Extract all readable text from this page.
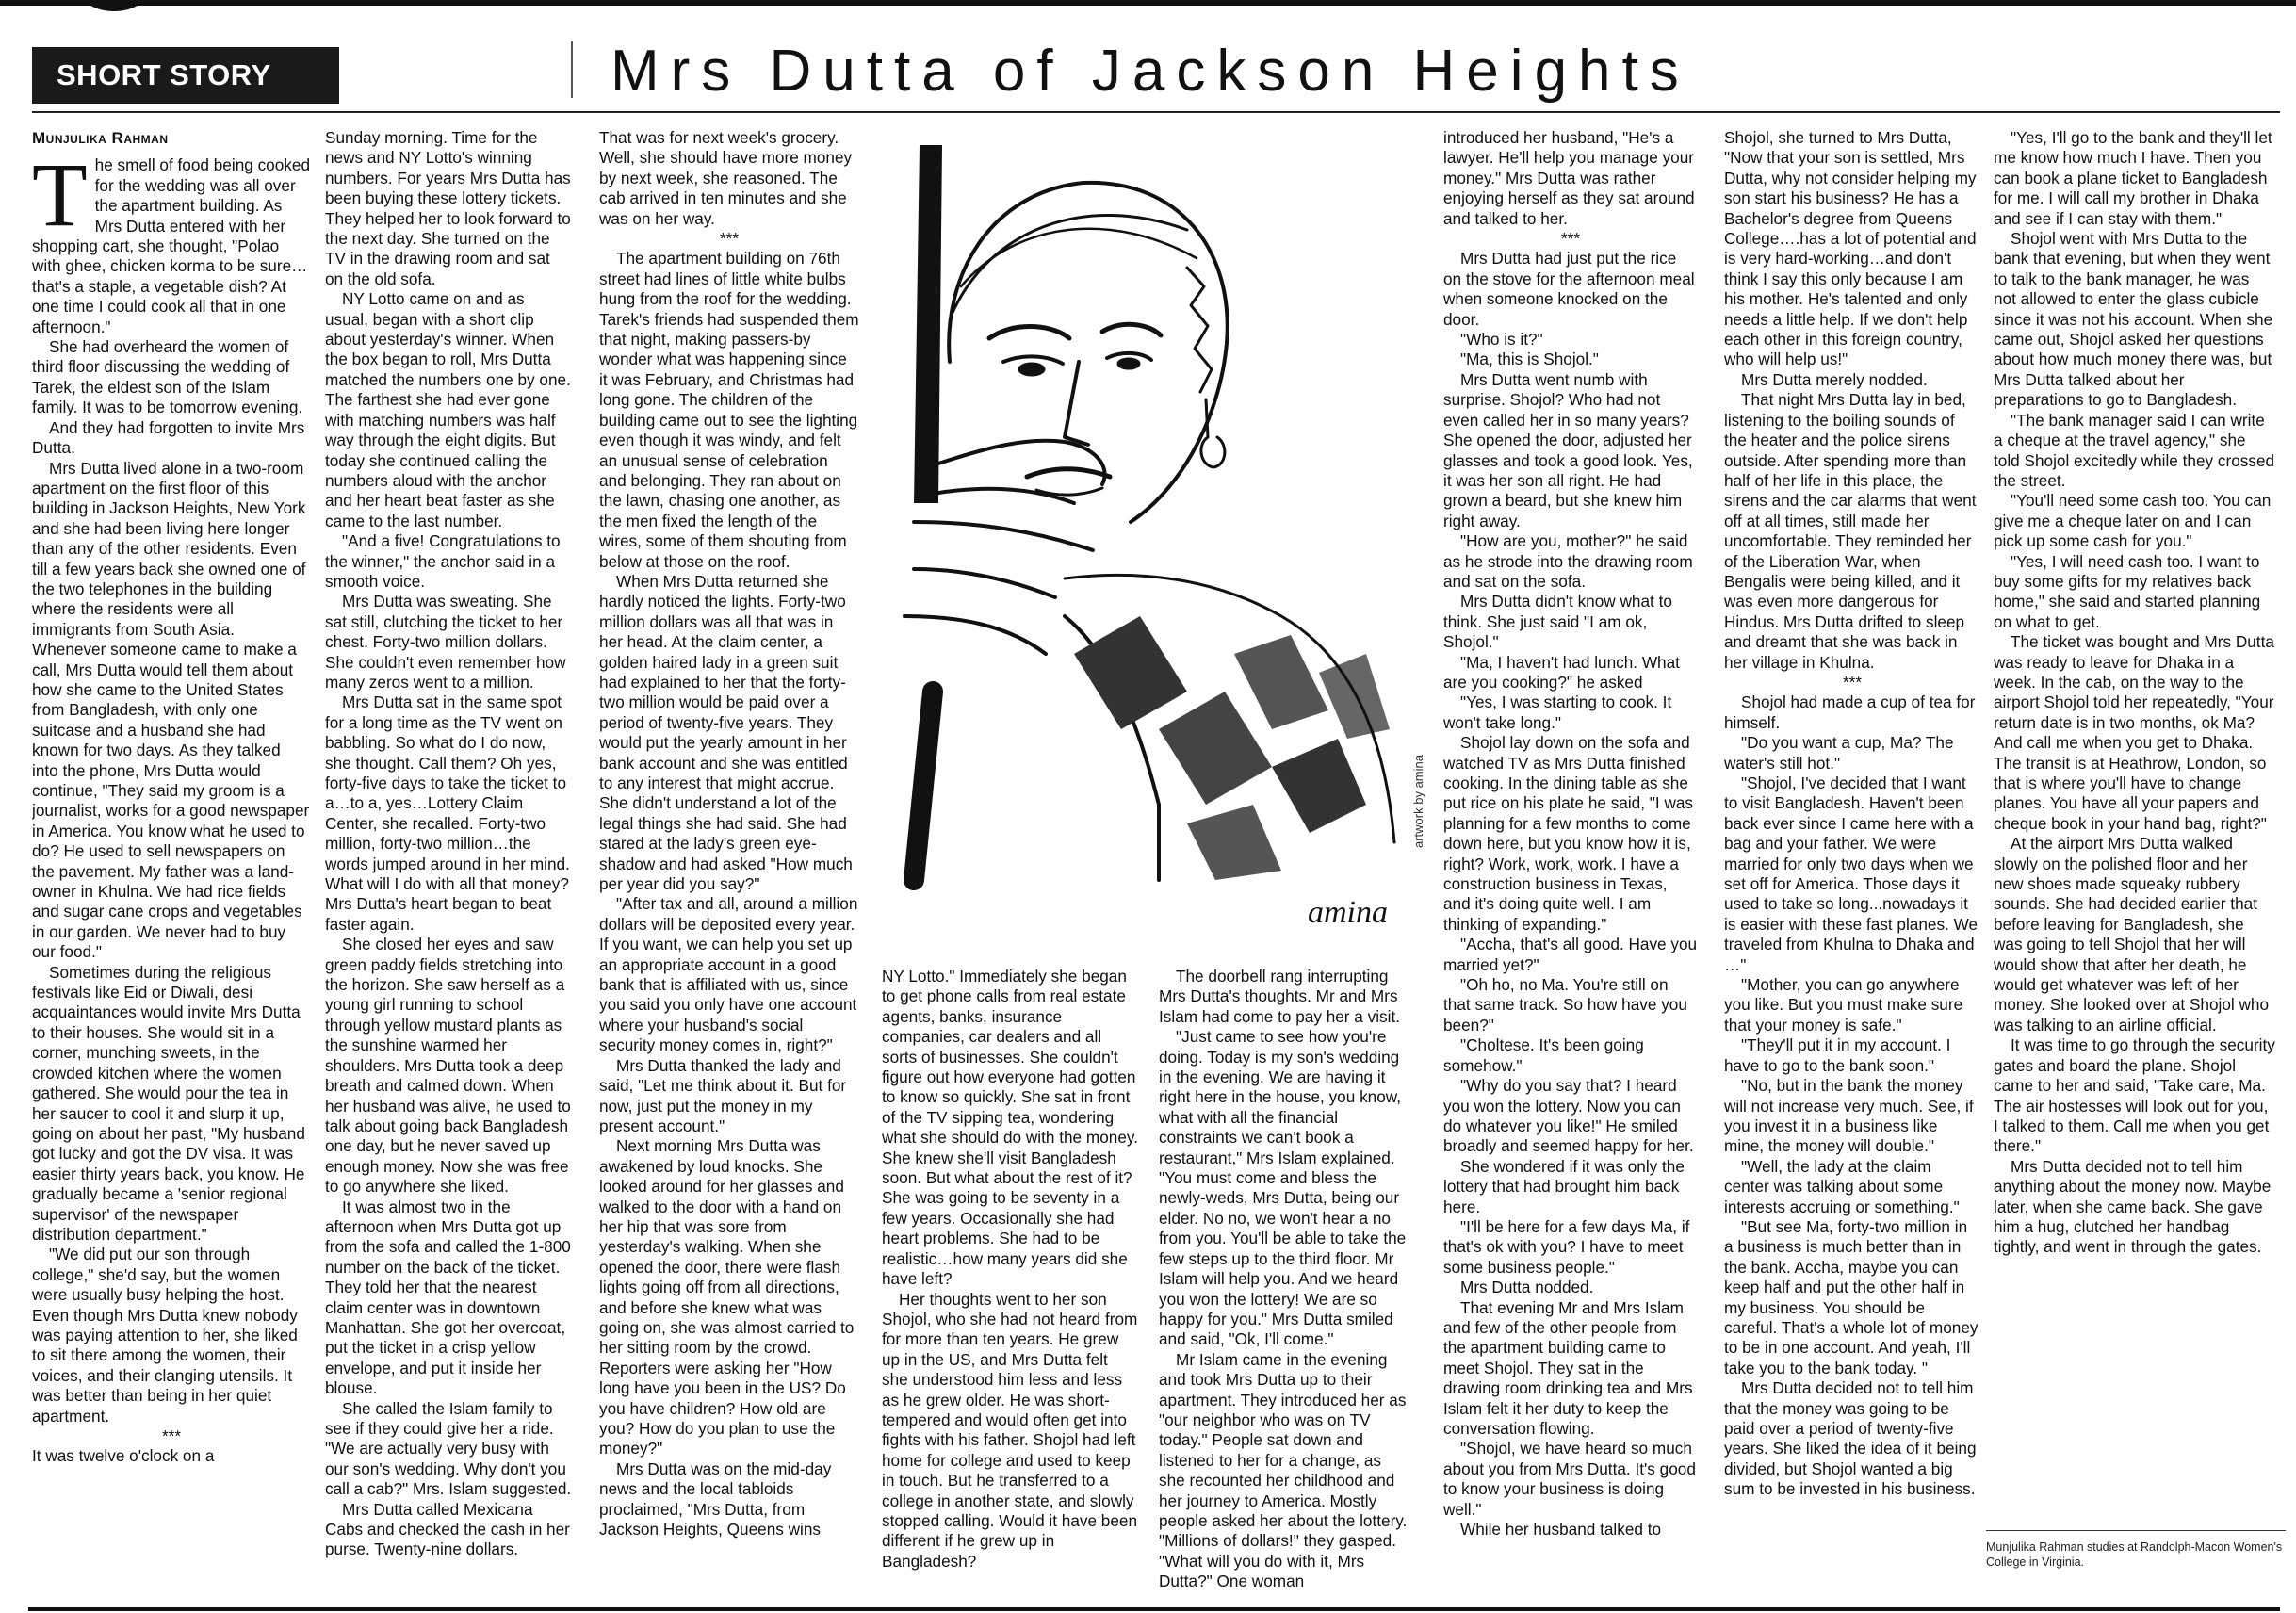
SHORT STORY	Mrs Dutta of Jackson Heights

Munjulika Rahman

The smell of food being cooked for the wedding was all over the apartment building. As Mrs Dutta entered with her shopping cart, she thought, "Polao with ghee, chicken korma to be sure…that's a staple, a vegetable dish? At one time I could cook all that in one afternoon."

She had overheard the women of third floor discussing the wedding of Tarek, the eldest son of the Islam family. It was to be tomorrow evening.

And they had forgotten to invite Mrs Dutta.

Mrs Dutta lived alone in a two-room apartment on the first floor of this building in Jackson Heights, New York and she had been living here longer than any of the other residents. Even till a few years back she owned one of the two telephones in the building where the residents were all immigrants from South Asia. Whenever someone came to make a call, Mrs Dutta would tell them about how she came to the United States from Bangladesh, with only one suitcase and a husband she had known for two days. As they talked into the phone, Mrs Dutta would continue, "They said my groom is a journalist, works for a good newspaper in America. You know what he used to do? He used to sell newspapers on the pavement. My father was a land-owner in Khulna. We had rice fields and sugar cane crops and vegetables in our garden. We never had to buy our food."

Sometimes during the religious festivals like Eid or Diwali, desi acquaintances would invite Mrs Dutta to their houses. She would sit in a corner, munching sweets, in the crowded kitchen where the women gathered. She would pour the tea in her saucer to cool it and slurp it up, going on about her past, "My husband got lucky and got the DV visa. It was easier thirty years back, you know. He gradually became a 'senior regional supervisor' of the newspaper distribution department."

"We did put our son through college," she'd say, but the women were usually busy helping the host. Even though Mrs Dutta knew nobody was paying attention to her, she liked to sit there among the women, their voices, and their clanging utensils. It was better than being in her quiet apartment.

***

It was twelve o'clock on a

Sunday morning. Time for the news and NY Lotto's winning numbers. For years Mrs Dutta has been buying these lottery tickets. They helped her to look forward to the next day. She turned on the TV in the drawing room and sat on the old sofa.

NY Lotto came on and as usual, began with a short clip about yesterday's winner. When the box began to roll, Mrs Dutta matched the numbers one by one. The farthest she had ever gone with matching numbers was half way through the eight digits. But today she continued calling the numbers aloud with the anchor and her heart beat faster as she came to the last number.

"And a five! Congratulations to the winner," the anchor said in a smooth voice.

Mrs Dutta was sweating. She sat still, clutching the ticket to her chest. Forty-two million dollars. She couldn't even remember how many zeros went to a million.

Mrs Dutta sat in the same spot for a long time as the TV went on babbling. So what do I do now, she thought. Call them? Oh yes, forty-five days to take the ticket to a…to a, yes…Lottery Claim Center, she recalled. Forty-two million, forty-two million…the words jumped around in her mind. What will I do with all that money? Mrs Dutta's heart began to beat faster again.

She closed her eyes and saw green paddy fields stretching into the horizon. She saw herself as a young girl running to school through yellow mustard plants as the sunshine warmed her shoulders. Mrs Dutta took a deep breath and calmed down. When her husband was alive, he used to talk about going back Bangladesh one day, but he never saved up enough money. Now she was free to go anywhere she liked.

It was almost two in the afternoon when Mrs Dutta got up from the sofa and called the 1-800 number on the back of the ticket. They told her that the nearest claim center was in downtown Manhattan. She got her overcoat, put the ticket in a crisp yellow envelope, and put it inside her blouse.

She called the Islam family to see if they could give her a ride. "We are actually very busy with our son's wedding. Why don't you call a cab?" Mrs. Islam suggested.

Mrs Dutta called Mexicana Cabs and checked the cash in her purse. Twenty-nine dollars.

That was for next week's grocery. Well, she should have more money by next week, she reasoned. The cab arrived in ten minutes and she was on her way.

***

The apartment building on 76th street had lines of little white bulbs hung from the roof for the wedding. Tarek's friends had suspended them that night, making passers-by wonder what was happening since it was February, and Christmas had long gone. The children of the building came out to see the lighting even though it was windy, and felt an unusual sense of celebration and belonging. They ran about on the lawn, chasing one another, as the men fixed the length of the wires, some of them shouting from below at those on the roof.

When Mrs Dutta returned she hardly noticed the lights. Forty-two million dollars was all that was in her head. At the claim center, a golden haired lady in a green suit had explained to her that the forty-two million would be paid over a period of twenty-five years. They would put the yearly amount in her bank account and she was entitled to any interest that might accrue. She didn't understand a lot of the legal things she had said. She had stared at the lady's green eye-shadow and had asked "How much per year did you say?"

"After tax and all, around a million dollars will be deposited every year. If you want, we can help you set up an appropriate account in a good bank that is affiliated with us, since you said you only have one account where your husband's social security money comes in, right?"

Mrs Dutta thanked the lady and said, "Let me think about it. But for now, just put the money in my present account."

Next morning Mrs Dutta was awakened by loud knocks. She looked around for her glasses and walked to the door with a hand on her hip that was sore from yesterday's walking. When she opened the door, there were flash lights going off from all directions, and before she knew what was going on, she was almost carried to her sitting room by the crowd. Reporters were asking her "How long have you been in the US? Do you have children? How old are you? How do you plan to use the money?"

Mrs Dutta was on the mid-day news and the local tabloids proclaimed, "Mrs Dutta, from Jackson Heights, Queens wins

amina
artwork by amina

NY Lotto." Immediately she began to get phone calls from real estate agents, banks, insurance companies, car dealers and all sorts of businesses. She couldn't figure out how everyone had gotten to know so quickly. She sat in front of the TV sipping tea, wondering what she should do with the money. She knew she'll visit Bangladesh soon. But what about the rest of it? She was going to be seventy in a few years. Occasionally she had heart problems. She had to be realistic…how many years did she have left?

Her thoughts went to her son Shojol, who she had not heard from for more than ten years. He grew up in the US, and Mrs Dutta felt she understood him less and less as he grew older. He was short-tempered and would often get into fights with his father. Shojol had left home for college and used to keep in touch. But he transferred to a college in another state, and slowly stopped calling. Would it have been different if he grew up in Bangladesh?

The doorbell rang interrupting Mrs Dutta's thoughts. Mr and Mrs Islam had come to pay her a visit.

"Just came to see how you're doing. Today is my son's wedding in the evening. We are having it right here in the house, you know, what with all the financial constraints we can't book a restaurant," Mrs Islam explained. "You must come and bless the newly-weds, Mrs Dutta, being our elder. No no, we won't hear a no from you. You'll be able to take the few steps up to the third floor. Mr Islam will help you. And we heard you won the lottery! We are so happy for you." Mrs Dutta smiled and said, "Ok, I'll come."

Mr Islam came in the evening and took Mrs Dutta up to their apartment. They introduced her as "our neighbor who was on TV today." People sat down and listened to her for a change, as she recounted her childhood and her journey to America. Mostly people asked her about the lottery. "Millions of dollars!" they gasped. "What will you do with it, Mrs Dutta?" One woman

introduced her husband, "He's a lawyer. He'll help you manage your money." Mrs Dutta was rather enjoying herself as they sat around and talked to her.

***

Mrs Dutta had just put the rice on the stove for the afternoon meal when someone knocked on the door.

"Who is it?"

"Ma, this is Shojol."

Mrs Dutta went numb with surprise. Shojol? Who had not even called her in so many years? She opened the door, adjusted her glasses and took a good look. Yes, it was her son all right. He had grown a beard, but she knew him right away.

"How are you, mother?" he said as he strode into the drawing room and sat on the sofa.

Mrs Dutta didn't know what to think. She just said "I am ok, Shojol."

"Ma, I haven't had lunch. What are you cooking?" he asked

"Yes, I was starting to cook. It won't take long."

Shojol lay down on the sofa and watched TV as Mrs Dutta finished cooking. In the dining table as she put rice on his plate he said, "I was planning for a few months to come down here, but you know how it is, right? Work, work, work. I have a construction business in Texas, and it's doing quite well. I am thinking of expanding."

"Accha, that's all good. Have you married yet?"

"Oh ho, no Ma. You're still on that same track. So how have you been?"

"Choltese. It's been going somehow."

"Why do you say that? I heard you won the lottery. Now you can do whatever you like!" He smiled broadly and seemed happy for her.

She wondered if it was only the lottery that had brought him back here.

"I'll be here for a few days Ma, if that's ok with you? I have to meet some business people."

Mrs Dutta nodded.

That evening Mr and Mrs Islam and few of the other people from the apartment building came to meet Shojol. They sat in the drawing room drinking tea and Mrs Islam felt it her duty to keep the conversation flowing.

"Shojol, we have heard so much about you from Mrs Dutta. It's good to know your business is doing well."

While her husband talked to

Shojol, she turned to Mrs Dutta, "Now that your son is settled, Mrs Dutta, why not consider helping my son start his business? He has a Bachelor's degree from Queens College….has a lot of potential and is very hard-working…and don't think I say this only because I am his mother. He's talented and only needs a little help. If we don't help each other in this foreign country, who will help us!"

Mrs Dutta merely nodded.

That night Mrs Dutta lay in bed, listening to the boiling sounds of the heater and the police sirens outside. After spending more than half of her life in this place, the sirens and the car alarms that went off at all times, still made her uncomfortable. They reminded her of the Liberation War, when Bengalis were being killed, and it was even more dangerous for Hindus. Mrs Dutta drifted to sleep and dreamt that she was back in her village in Khulna.

***

Shojol had made a cup of tea for himself.

"Do you want a cup, Ma? The water's still hot."

"Shojol, I've decided that I want to visit Bangladesh. Haven't been back ever since I came here with a bag and your father. We were married for only two days when we set off for America. Those days it used to take so long...nowadays it is easier with these fast planes. We traveled from Khulna to Dhaka and …"

"Mother, you can go anywhere you like. But you must make sure that your money is safe."

"They'll put it in my account. I have to go to the bank soon."

"No, but in the bank the money will not increase very much. See, if you invest it in a business like mine, the money will double."

"Well, the lady at the claim center was talking about some interests accruing or something."

"But see Ma, forty-two million in a business is much better than in the bank. Accha, maybe you can keep half and put the other half in my business. You should be careful. That's a whole lot of money to be in one account. And yeah, I'll take you to the bank today. "

Mrs Dutta decided not to tell him that the money was going to be paid over a period of twenty-five years. She liked the idea of it being divided, but Shojol wanted a big sum to be invested in his business.

"Yes, I'll go to the bank and they'll let me know how much I have. Then you can book a plane ticket to Bangladesh for me. I will call my brother in Dhaka and see if I can stay with them."

Shojol went with Mrs Dutta to the bank that evening, but when they went to talk to the bank manager, he was not allowed to enter the glass cubicle since it was not his account. When she came out, Shojol asked her questions about how much money there was, but Mrs Dutta talked about her preparations to go to Bangladesh.

"The bank manager said I can write a cheque at the travel agency," she told Shojol excitedly while they crossed the street.

"You'll need some cash too. You can give me a cheque later on and I can pick up some cash for you."

"Yes, I will need cash too. I want to buy some gifts for my relatives back home," she said and started planning on what to get.

The ticket was bought and Mrs Dutta was ready to leave for Dhaka in a week. In the cab, on the way to the airport Shojol told her repeatedly, "Your return date is in two months, ok Ma? And call me when you get to Dhaka. The transit is at Heathrow, London, so that is where you'll have to change planes. You have all your papers and cheque book in your hand bag, right?"

At the airport Mrs Dutta walked slowly on the polished floor and her new shoes made squeaky rubbery sounds. She had decided earlier that before leaving for Bangladesh, she was going to tell Shojol that her will would show that after her death, he would get whatever was left of her money. She looked over at Shojol who was talking to an airline official.

It was time to go through the security gates and board the plane. Shojol came to her and said, "Take care, Ma. The air hostesses will look out for you, I talked to them. Call me when you get there."

Mrs Dutta decided not to tell him anything about the money now. Maybe later, when she came back. She gave him a hug, clutched her handbag tightly, and went in through the gates.

Munjulika Rahman studies at Randolph-Macon Women's College in Virginia.
